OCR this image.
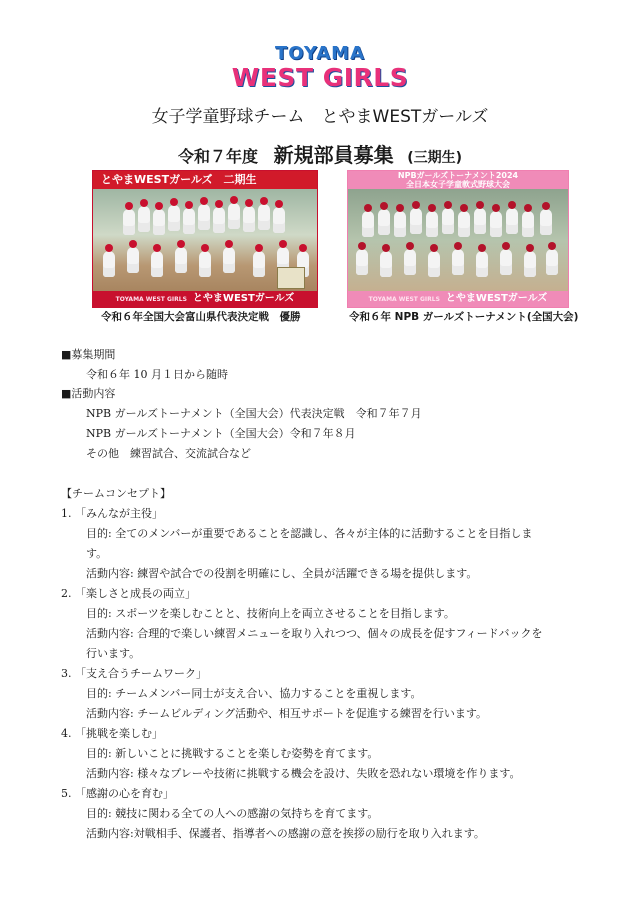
TOYAMA
WEST GIRLS
女子学童野球チーム　とやまWESTガールズ
令和７年度 新規部員募集 (三期生)
とやまWESTガールズ　二期生
TOYAMA WEST GIRLS とやまWESTガールズ
令和６年全国大会富山県代表決定戦　優勝
NPBガールズトーナメント2024
全日本女子学童軟式野球大会
TOYAMA WEST GIRLS とやまWESTガールズ
令和６年 NPB ガールズトーナメント(全国大会)
■募集期間
令和６年 10 月１日から随時
■活動内容
NPB ガールズトーナメント（全国大会）代表決定戦　令和７年７月
NPB ガールズトーナメント（全国大会）令和７年８月
その他　練習試合、交流試合など
【チームコンセプト】
1. 「みんなが主役」
目的: 全てのメンバーが重要であることを認識し、各々が主体的に活動することを目指しま
す。
活動内容: 練習や試合での役割を明確にし、全員が活躍できる場を提供します。
2. 「楽しさと成長の両立」
目的: スポーツを楽しむことと、技術向上を両立させることを目指します。
活動内容: 合理的で楽しい練習メニューを取り入れつつ、個々の成長を促すフィードバックを
行います。
3. 「支え合うチームワーク」
目的: チームメンバー同士が支え合い、協力することを重視します。
活動内容: チームビルディング活動や、相互サポートを促進する練習を行います。
4. 「挑戦を楽しむ」
目的: 新しいことに挑戦することを楽しむ姿勢を育てます。
活動内容: 様々なプレーや技術に挑戦する機会を設け、失敗を恐れない環境を作ります。
5. 「感謝の心を育む」
目的: 競技に関わる全ての人への感謝の気持ちを育てます。
活動内容:対戦相手、保護者、指導者への感謝の意を挨拶の励行を取り入れます。
